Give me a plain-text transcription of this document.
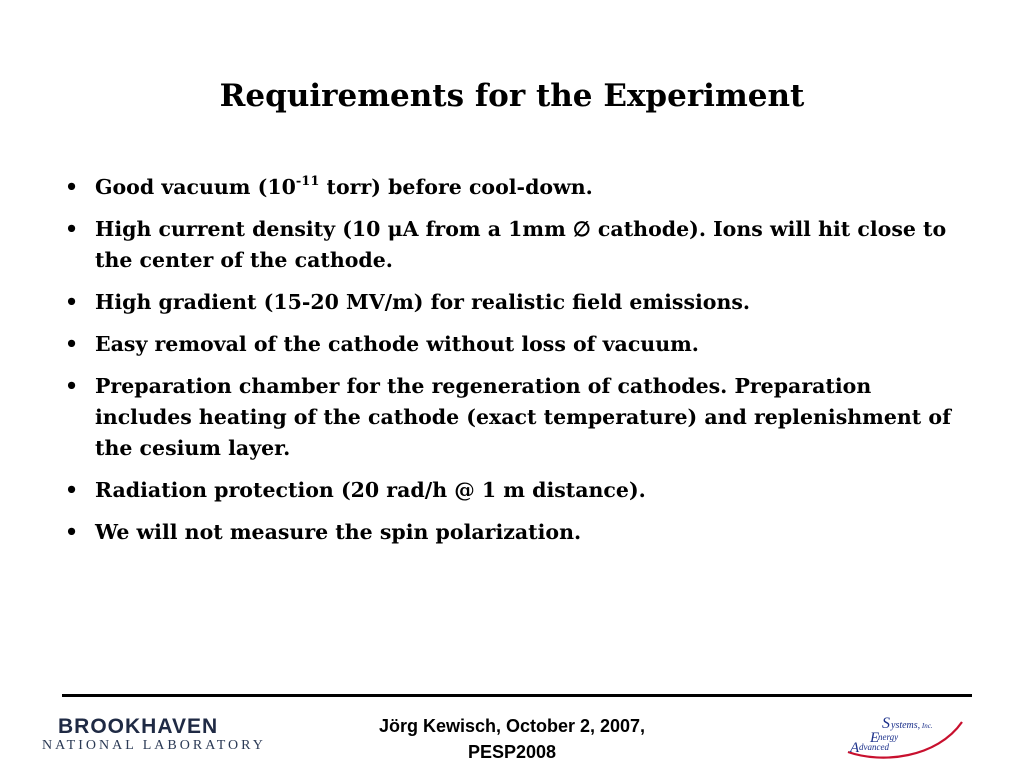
Requirements for the Experiment
• Good vacuum ($10^{-11}$ torr) before cool-down.
• High current density (10 μA from a 1mm ∅ cathode). Ions will hit close to the center of the cathode.
• High gradient (15-20 MV/m) for realistic field emissions.
• Easy removal of the cathode without loss of vacuum.
• Preparation chamber for the regeneration of cathodes. Preparation includes heating of the cathode (exact temperature) and replenishment of the cesium layer.
• Radiation protection (20 rad/h @ 1 m distance).
• We will not measure the spin polarization.
BROOKHAVEN
NATIONAL LABORATORY
Jörg Kewisch, October 2, 2007,
PESP2008
S ystems, Inc.
E
nergy
A dvanced
